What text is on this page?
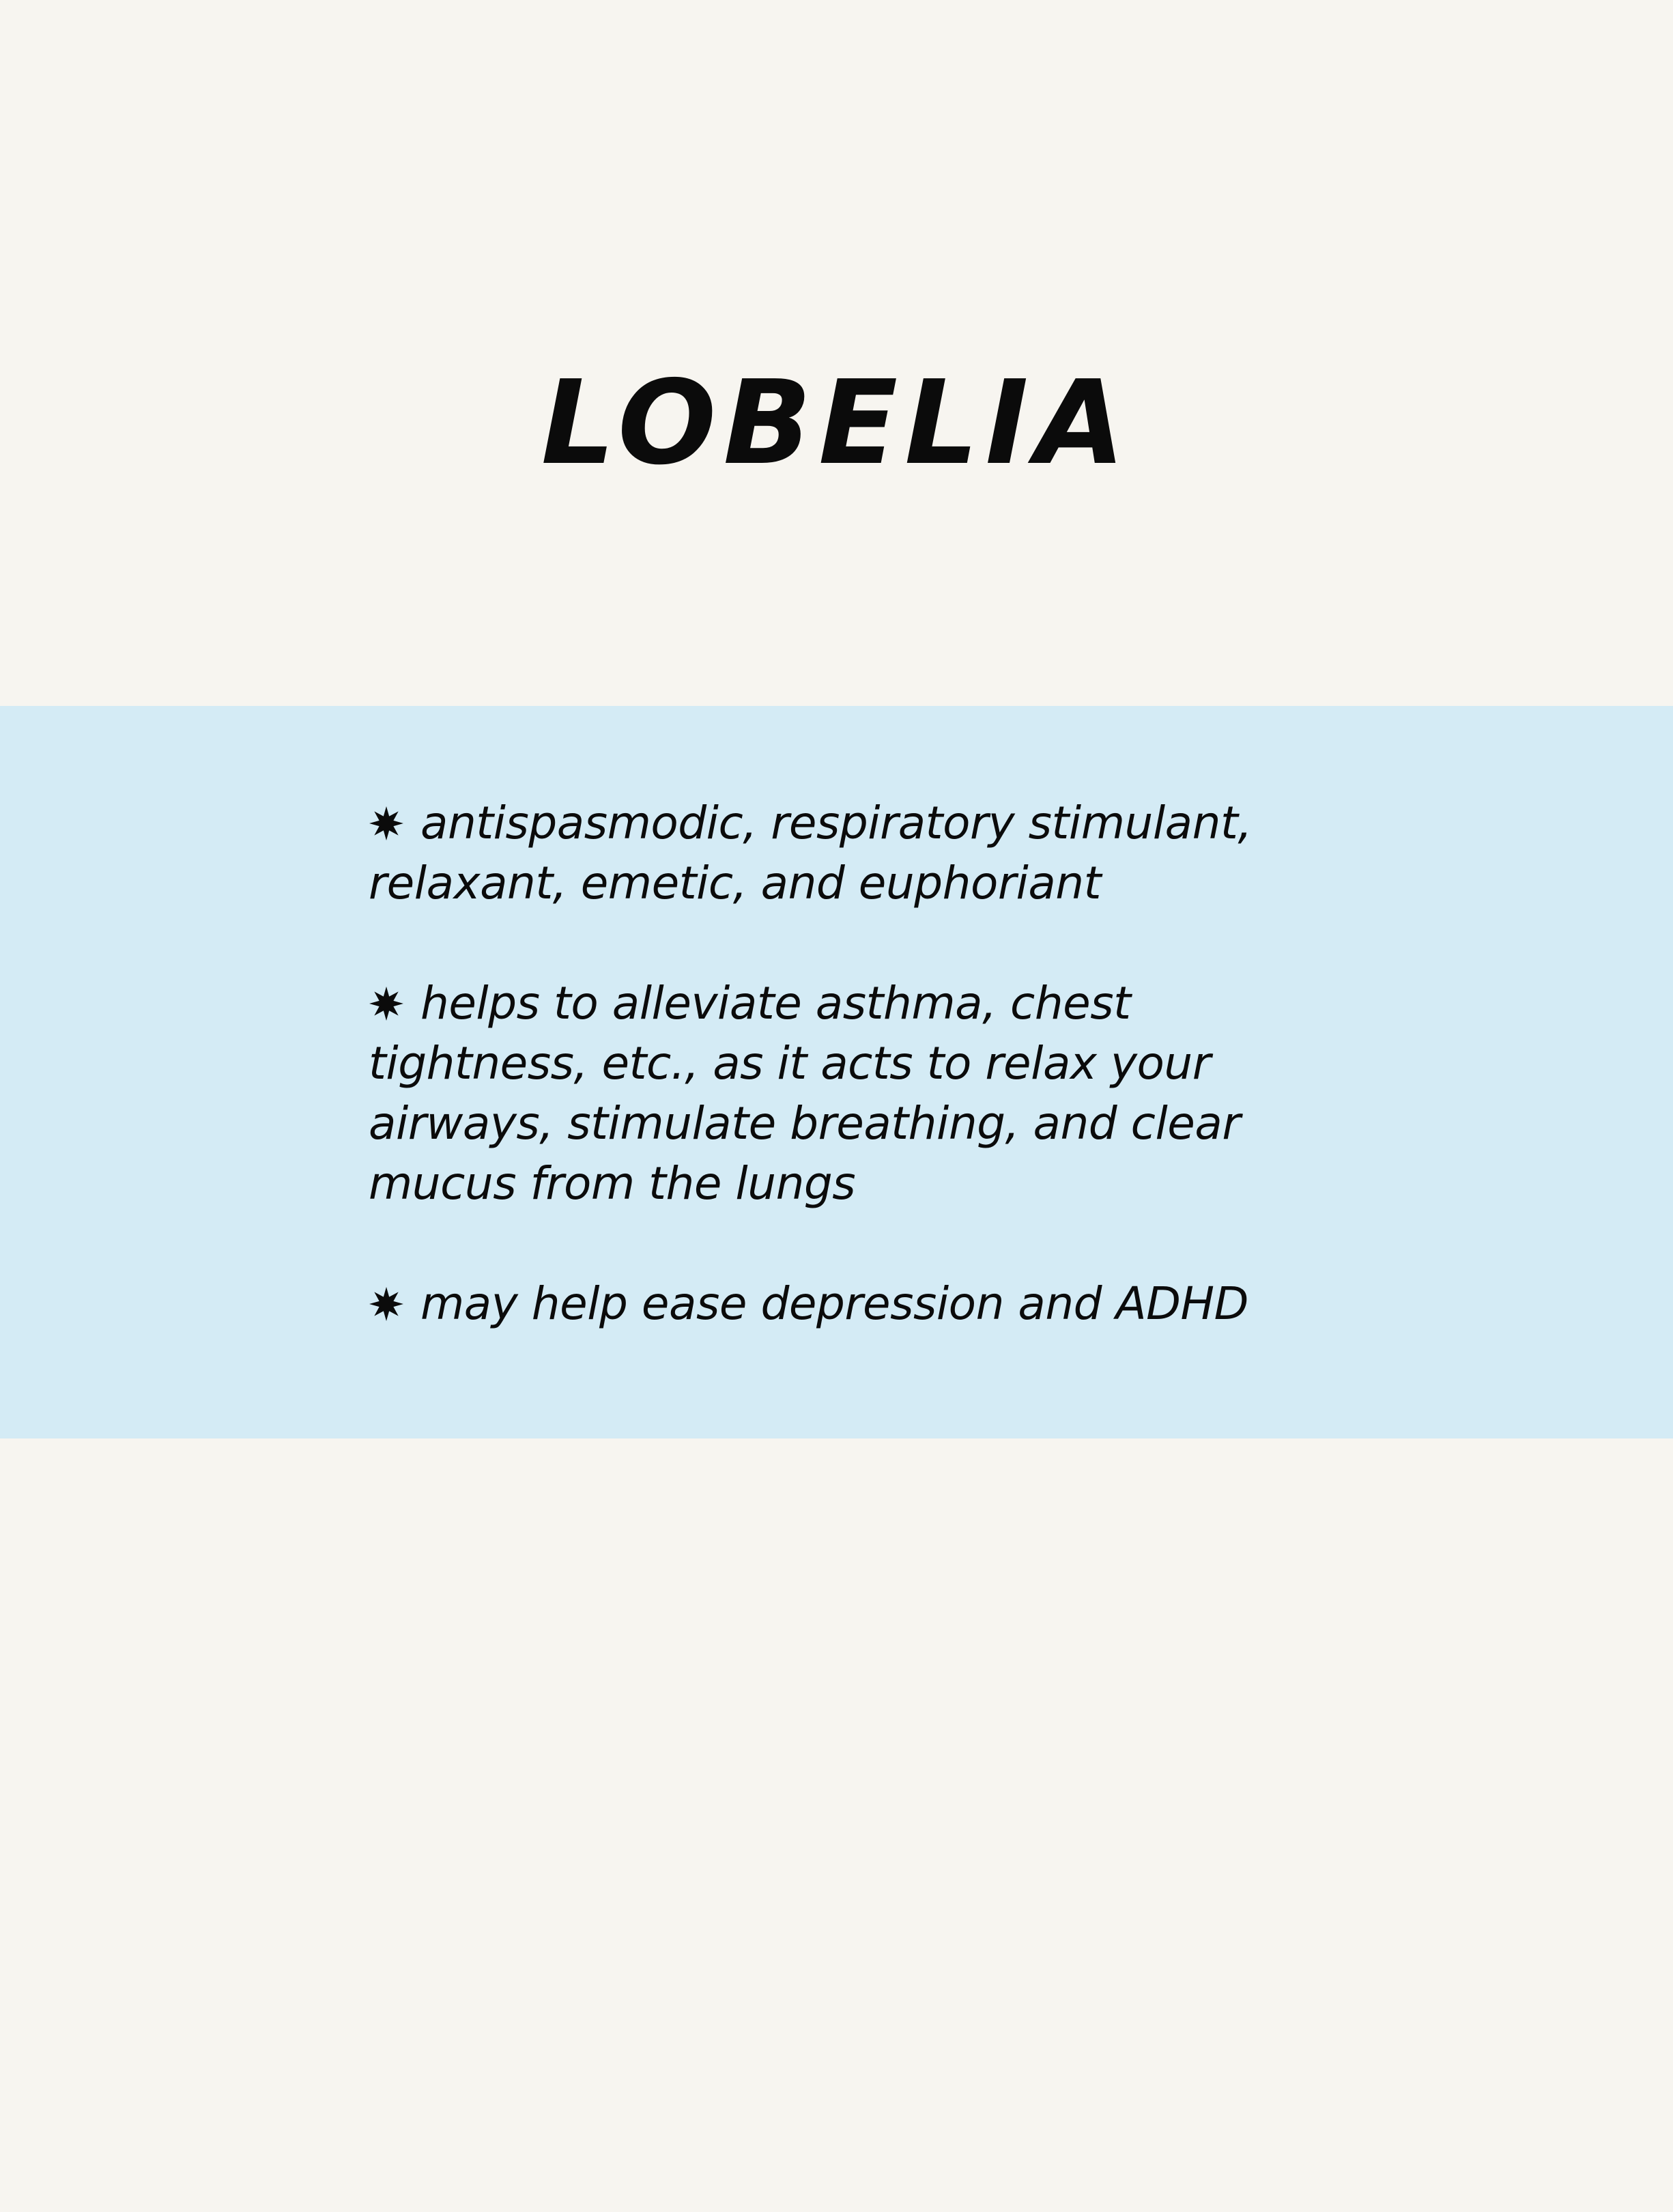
LOBELIA
antispasmodic, respiratory stimulant, relaxant, emetic, and euphoriant
helps to alleviate asthma, chest tightness, etc., as it acts to relax your airways, stimulate breathing, and clear mucus from the lungs
may help ease depression and ADHD
